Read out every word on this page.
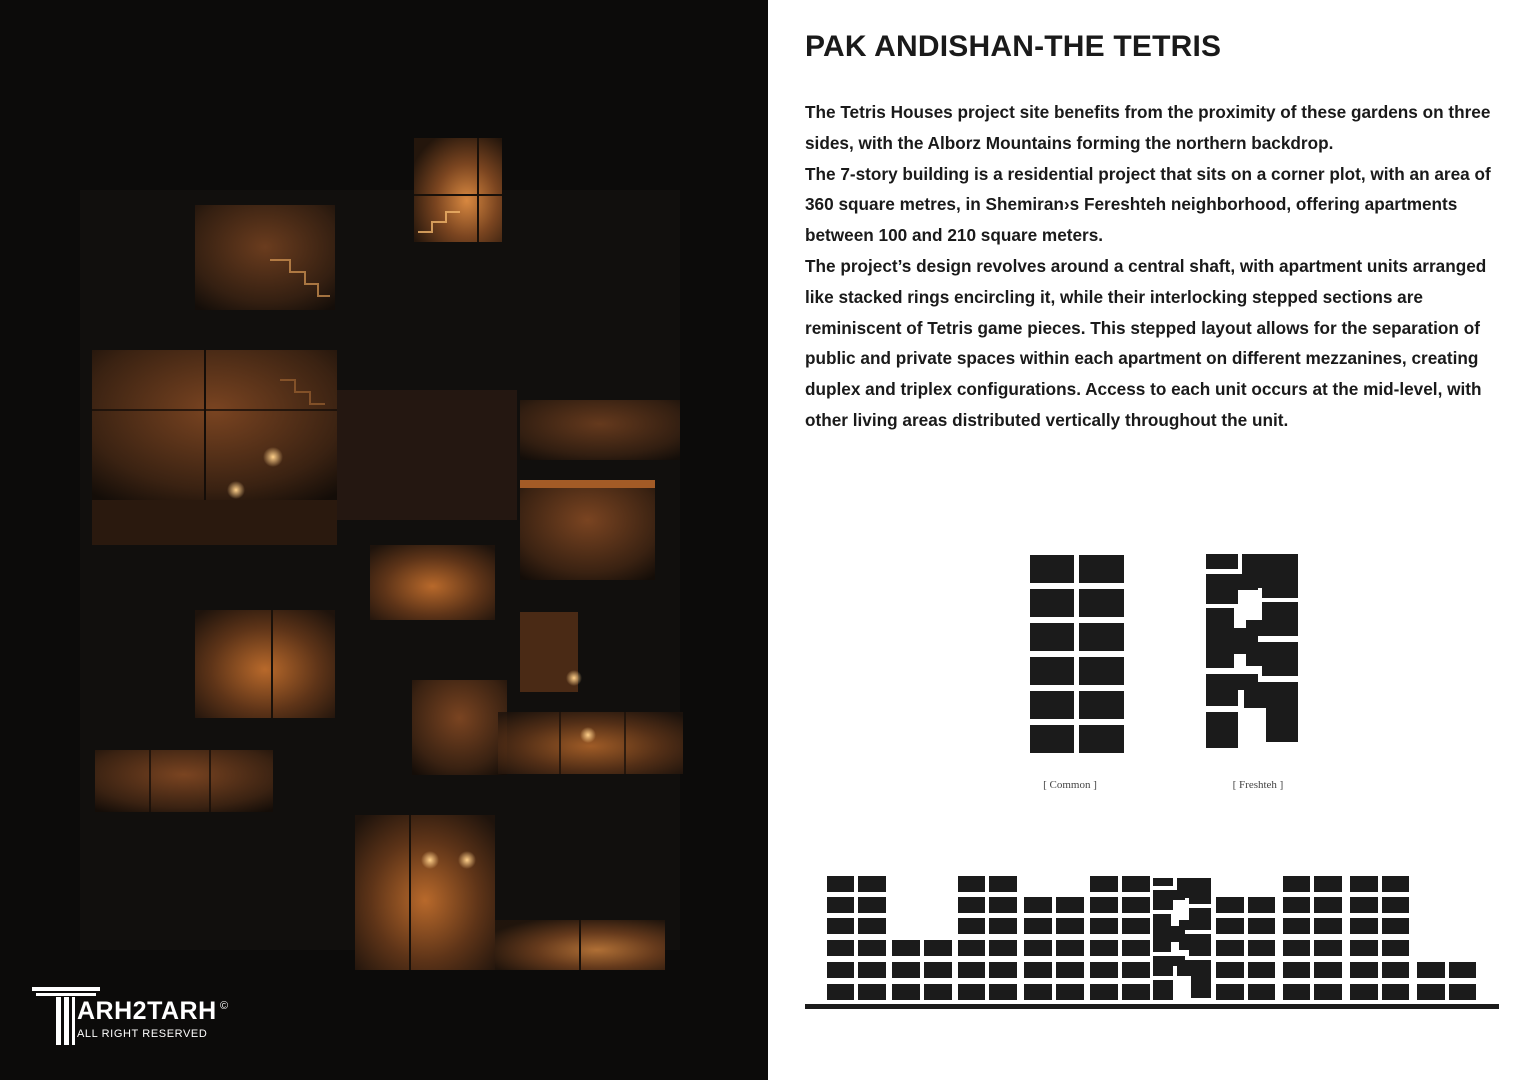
ARH2TARH
ALL RIGHT RESERVED
©
PAK ANDISHAN-THE TETRIS

The Tetris Houses project site benefits from the proximity of these gardens on three sides, with the Alborz Mountains forming the northern backdrop.

The 7-story building is a residential project that sits on a corner plot, with an area of 360 square metres, in Shemiran›s Fereshteh neighborhood, offering apartments between 100 and 210 square meters.

The project’s design revolves around a central shaft, with apartment units arranged like stacked rings encircling it, while their interlocking stepped sections are reminiscent of Tetris game pieces. This stepped layout allows for the separation of public and private spaces within each apartment on different mezzanines, creating duplex and triplex configurations. Access to each unit occurs at the mid-level, with other living areas distributed vertically throughout the unit.

[ Common ]	[ Freshteh ]
